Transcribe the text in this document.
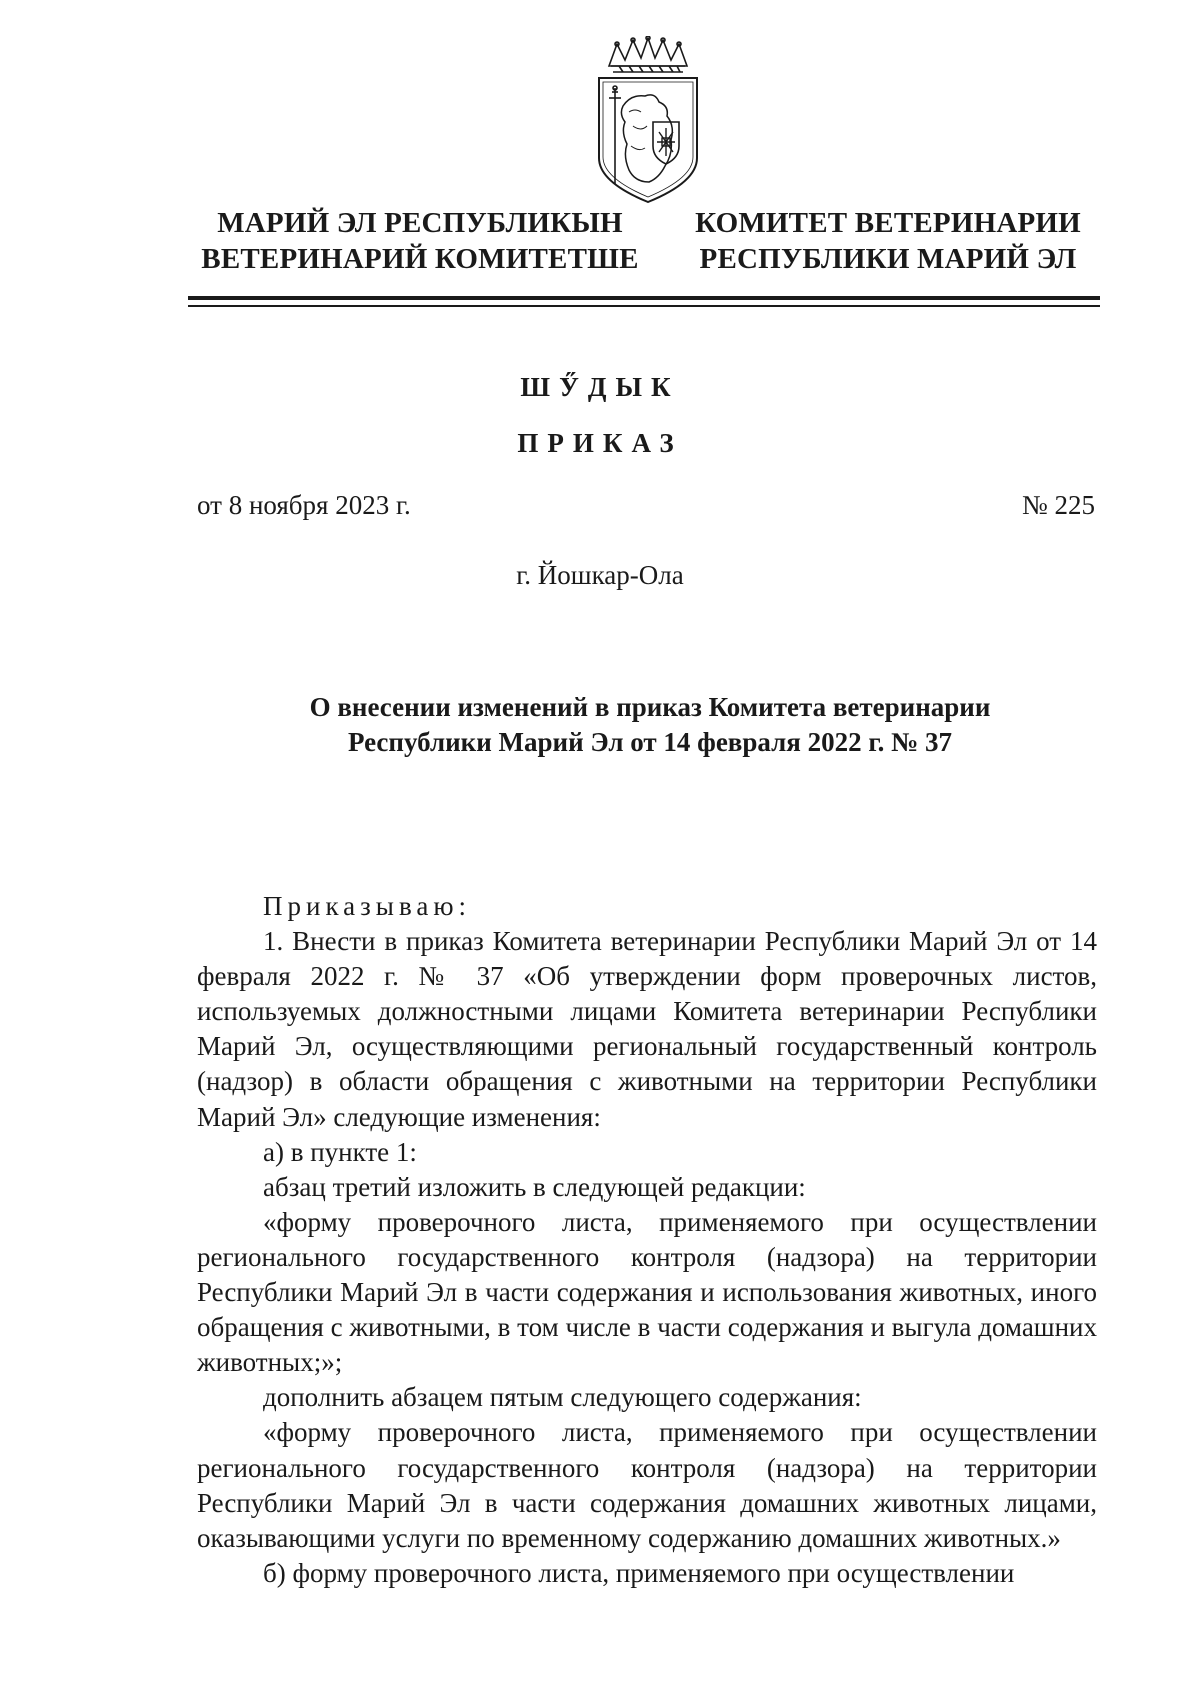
МАРИЙ ЭЛ РЕСПУБЛИКЫН
ВЕТЕРИНАРИЙ КОМИТЕТШЕ
КОМИТЕТ ВЕТЕРИНАРИИ
РЕСПУБЛИКИ МАРИЙ ЭЛ
ШӲДЫК
ПРИКАЗ
от 8 ноября 2023 г.	№ 225
г. Йошкар-Ола
О внесении изменений в приказ Комитета ветеринарии
Республики Марий Эл от 14 февраля 2022 г. № 37

Приказываю:

1. Внести в приказ Комитета ветеринарии Республики Марий Эл от 14 февраля 2022 г. № 37 «Об утверждении форм проверочных листов, используемых должностными лицами Комитета ветеринарии Республики Марий Эл, осуществляющими региональный государственный контроль (надзор) в области обращения с животными на территории Республики Марий Эл» следующие изменения:

а) в пункте 1:

абзац третий изложить в следующей редакции:

«форму проверочного листа, применяемого при осуществлении регионального государственного контроля (надзора) на территории Республики Марий Эл в части содержания и использования животных, иного обращения с животными, в том числе в части содержания и выгула домашних животных;»;

дополнить абзацем пятым следующего содержания:

«форму проверочного листа, применяемого при осуществлении регионального государственного контроля (надзора) на территории Республики Марий Эл в части содержания домашних животных лицами, оказывающими услуги по временному содержанию домашних животных.»

б) форму проверочного листа, применяемого при осуществлении
